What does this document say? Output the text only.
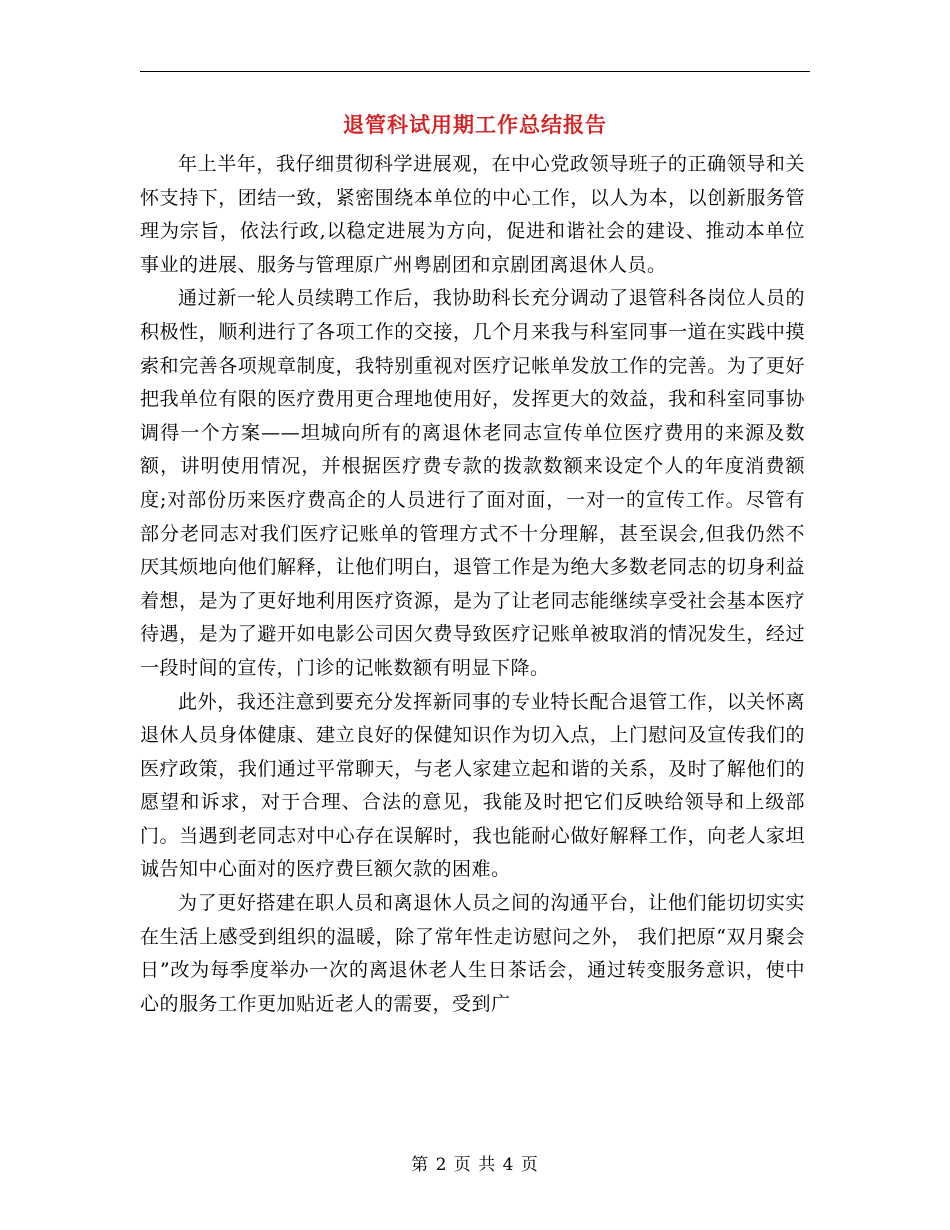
退管科试用期工作总结报告

年上半年，我仔细贯彻科学进展观，在中心党政领导班子的正确领导和关怀支持下，团结一致，紧密围绕本单位的中心工作，以人为本，以创新服务管理为宗旨，依法行政,以稳定进展为方向，促进和谐社会的建设、推动本单位事业的进展、服务与管理原广州粤剧团和京剧团离退休人员。

通过新一轮人员续聘工作后，我协助科长充分调动了退管科各岗位人员的积极性，顺利进行了各项工作的交接，几个月来我与科室同事一道在实践中摸索和完善各项规章制度，我特别重视对医疗记帐单发放工作的完善。为了更好把我单位有限的医疗费用更合理地使用好，发挥更大的效益，我和科室同事协调得一个方案——坦城向所有的离退休老同志宣传单位医疗费用的来源及数额，讲明使用情况，并根据医疗费专款的拨款数额来设定个人的年度消费额度;对部份历来医疗费高企的人员进行了面对面，一对一的宣传工作。尽管有部分老同志对我们医疗记账单的管理方式不十分理解，甚至误会,但我仍然不厌其烦地向他们解释，让他们明白，退管工作是为绝大多数老同志的切身利益着想，是为了更好地利用医疗资源，是为了让老同志能继续享受社会基本医疗待遇，是为了避开如电影公司因欠费导致医疗记账单被取消的情况发生，经过一段时间的宣传，门诊的记帐数额有明显下降。

此外，我还注意到要充分发挥新同事的专业特长配合退管工作，以关怀离退休人员身体健康、建立良好的保健知识作为切入点，上门慰问及宣传我们的医疗政策，我们通过平常聊天，与老人家建立起和谐的关系，及时了解他们的愿望和诉求，对于合理、合法的意见，我能及时把它们反映给领导和上级部门。当遇到老同志对中心存在误解时，我也能耐心做好解释工作，向老人家坦诚告知中心面对的医疗费巨额欠款的困难。

为了更好搭建在职人员和离退休人员之间的沟通平台，让他们能切切实实在生活上感受到组织的温暖，除了常年性走访慰问之外， 我们把原“双月聚会日”改为每季度举办一次的离退休老人生日茶话会，通过转变服务意识，使中心的服务工作更加贴近老人的需要，受到广

第 2 页 共 4 页
